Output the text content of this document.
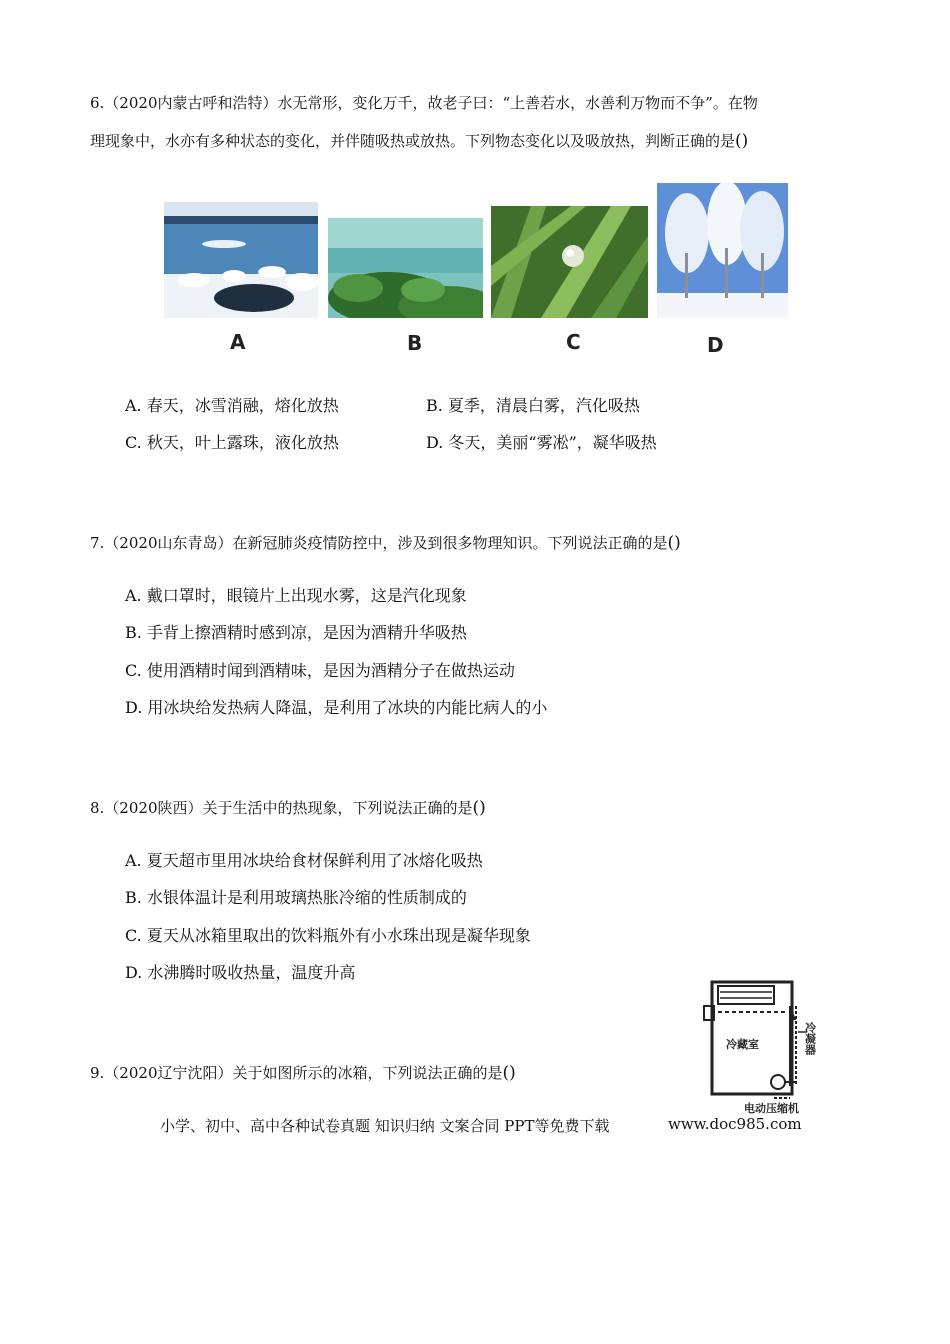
6.（2020内蒙古呼和浩特）水无常形，变化万千，故老子曰：“上善若水，水善利万物而不争”。在物
理现象中，水亦有多种状态的变化，并伴随吸热或放热。下列物态变化以及吸放热，判断正确的是()
A	B	C	D
A. 春天，冰雪消融，熔化放热	B. 夏季，清晨白雾，汽化吸热
C. 秋天，叶上露珠，液化放热	D. 冬天，美丽“雾凇”，凝华吸热
7.（2020山东青岛）在新冠肺炎疫情防控中，涉及到很多物理知识。下列说法正确的是()
A. 戴口罩时，眼镜片上出现水雾，这是汽化现象
B. 手背上擦酒精时感到凉，是因为酒精升华吸热
C. 使用酒精时闻到酒精味，是因为酒精分子在做热运动
D. 用冰块给发热病人降温，是利用了冰块的内能比病人的小
8.（2020陕西）关于生活中的热现象，下列说法正确的是()
A. 夏天超市里用冰块给食材保鲜利用了冰熔化吸热
B. 水银体温计是利用玻璃热胀冷缩的性质制成的
C. 夏天从冰箱里取出的饮料瓶外有小水珠出现是凝华现象
D. 水沸腾时吸收热量，温度升高
9.（2020辽宁沈阳）关于如图所示的冰箱，下列说法正确的是()
冷藏室	冷凝器
电动压缩机
小学、初中、高中各种试卷真题 知识归纳 文案合同 PPT等免费下载	www.doc985.com
